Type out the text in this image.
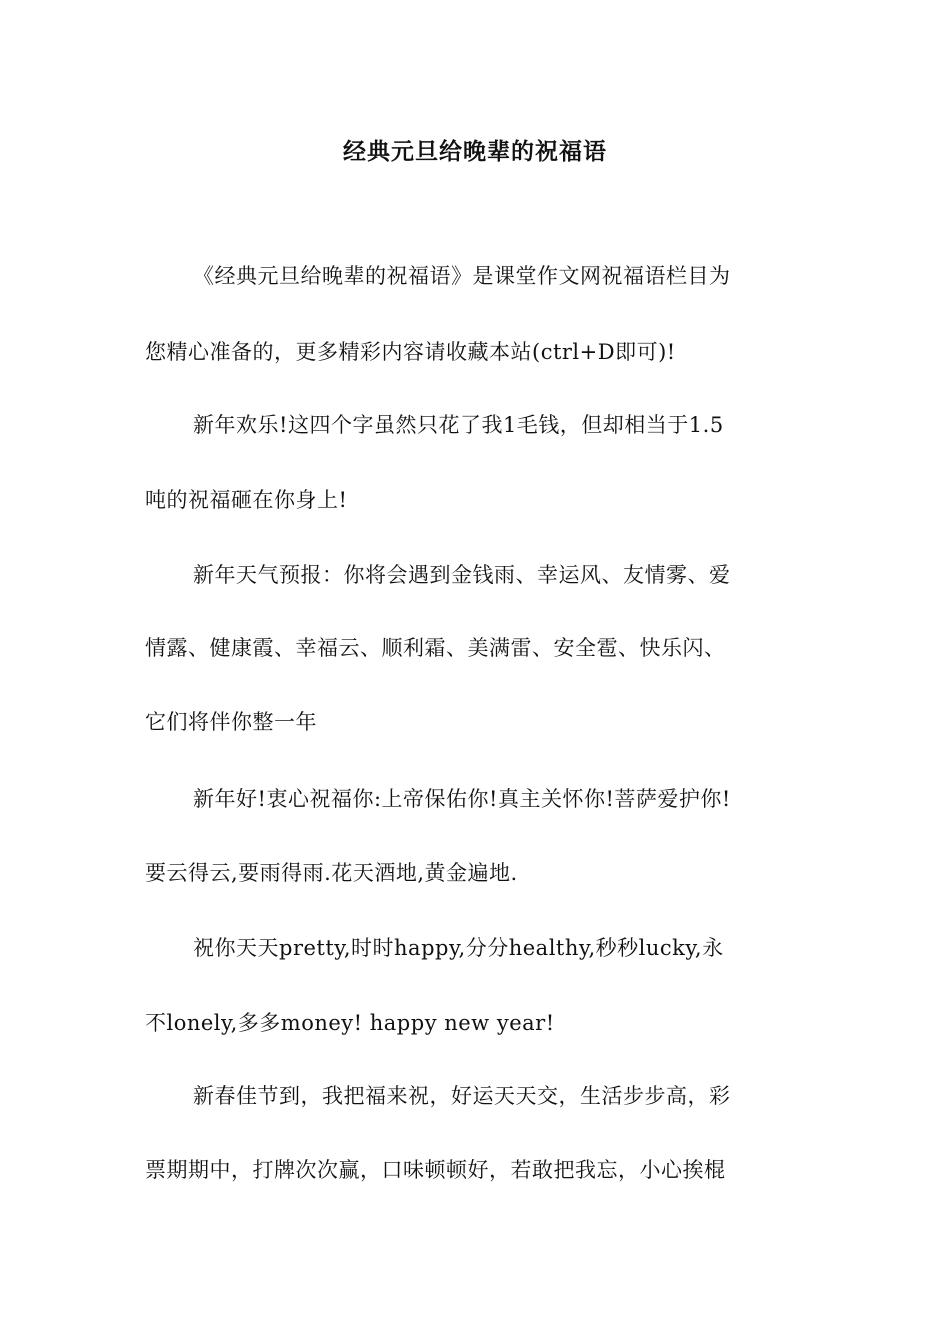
经典元旦给晚辈的祝福语
《经典元旦给晚辈的祝福语》是课堂作文网祝福语栏目为
您精心准备的，更多精彩内容请收藏本站(ctrl+D即可)!
新年欢乐!这四个字虽然只花了我1毛钱，但却相当于1.5
吨的祝福砸在你身上!
新年天气预报：你将会遇到金钱雨、幸运风、友情雾、爱
情露、健康霞、幸福云、顺利霜、美满雷、安全雹、快乐闪、
它们将伴你整一年
新年好!衷心祝福你:上帝保佑你!真主关怀你!菩萨爱护你!
要云得云,要雨得雨.花天酒地,黄金遍地.
祝你天天pretty,时时happy,分分healthy,秒秒lucky,永
不lonely,多多money! happy new year!
新春佳节到，我把福来祝，好运天天交，生活步步高，彩
票期期中，打牌次次赢，口味顿顿好，若敢把我忘，小心挨棍
